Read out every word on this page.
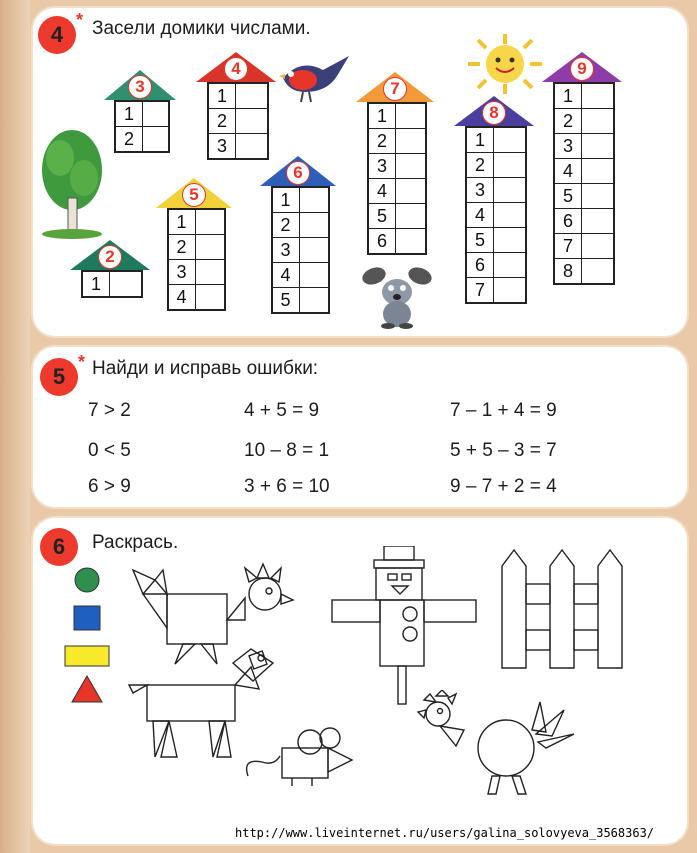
4
* Засели домики числами.
3
1
2
4
1
2
3
2
1
5
1
2
3
4
6
1
2
3
4
5
7
1
2
3
4
5
6
8
1
2
3
4
5
6
7
9
1
2
3
4
5
6
7
8
5
* Найди и исправь ошибки:
7 > 2
0 < 5
6 > 9
4 + 5 = 9
10 – 8 = 1
3 + 6 = 10
7 – 1 + 4 = 9
5 + 5 – 3 = 7
9 – 7 + 2 = 4
6	Раскрась.
http://www.liveinternet.ru/users/galina_solovyeva_3568363/
